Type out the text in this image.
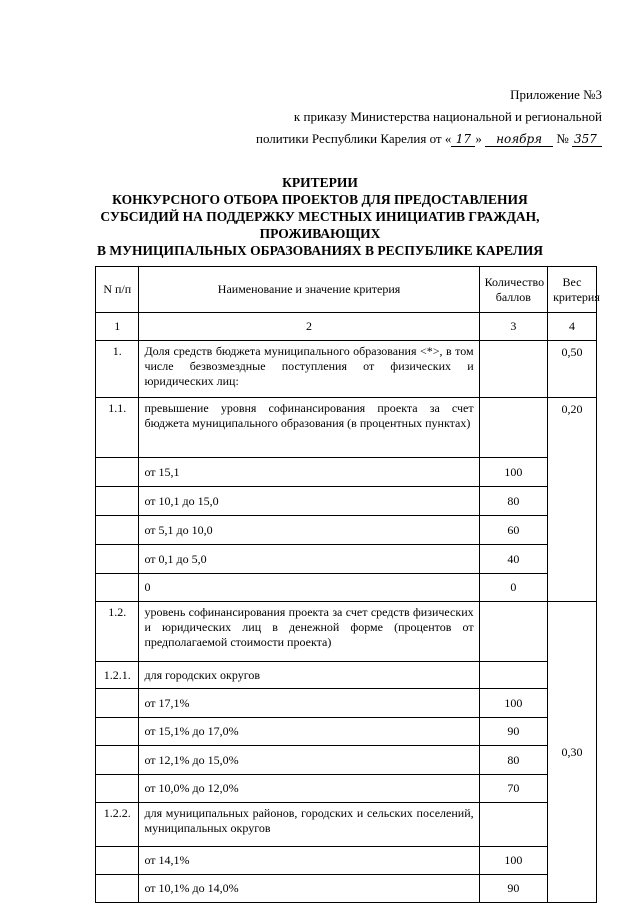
Приложение №3
к приказу Министерства национальной и региональной
политики Республики Карелия от « 17 » ноября № 357
КРИТЕРИИ
КОНКУРСНОГО ОТБОРА ПРОЕКТОВ ДЛЯ ПРЕДОСТАВЛЕНИЯ
СУБСИДИЙ НА ПОДДЕРЖКУ МЕСТНЫХ ИНИЦИАТИВ ГРАЖДАН,
ПРОЖИВАЮЩИХ
В МУНИЦИПАЛЬНЫХ ОБРАЗОВАНИЯХ В РЕСПУБЛИКЕ КАРЕЛИЯ
N п/п	Наименование и значение критерия	Количество баллов	Вес критерия
1	2	3	4
1.	Доля средств бюджета муниципального образования <*>, в том числе безвозмездные поступления от физических и юридических лиц:		0,50
1.1.	превышение уровня софинансирования проекта за счет бюджета муниципального образования (в процентных пунктах)		0,20
	от 15,1	100	
	от 10,1 до 15,0	80	
	от 5,1 до 10,0	60	
	от 0,1 до 5,0	40	
	0	0	
1.2.	уровень софинансирования проекта за счет средств физических и юридических лиц в денежной форме (процентов от предполагаемой стоимости проекта)		0,30
1.2.1.	для городских округов		
	от 17,1%	100	
	от 15,1% до 17,0%	90	
	от 12,1% до 15,0%	80	
	от 10,0% до 12,0%	70	
1.2.2.	для муниципальных районов, городских и сельских поселений, муниципальных округов		
	от 14,1%	100	
	от 10,1% до 14,0%	90	
